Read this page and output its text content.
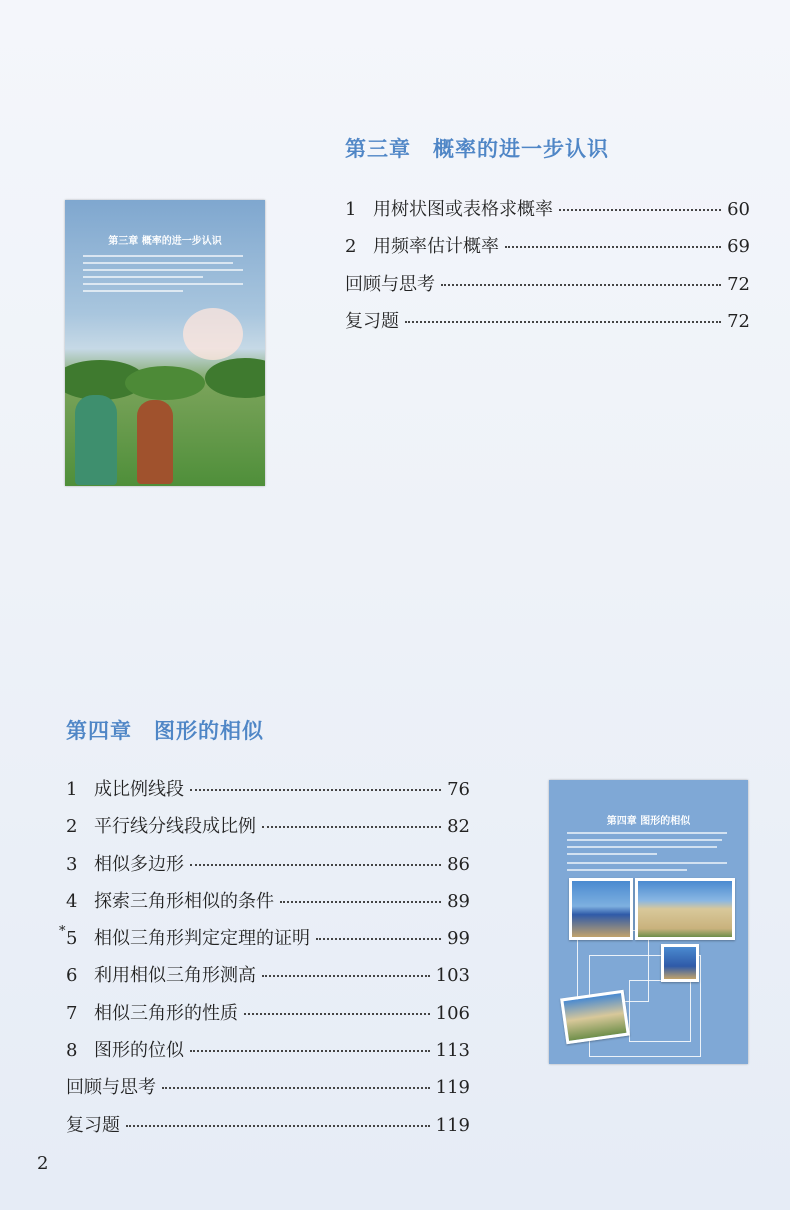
第三章 概率的进一步认识
1 用树状图或表格求概率	60
2 用频率估计概率	69
回顾与思考	72
复习题	72
第三章 概率的进一步认识
第四章 图形的相似
1 成比例线段	76
2 平行线分线段成比例	82
3 相似多边形	86
4 探索三角形相似的条件	89
* 5 相似三角形判定定理的证明	99
6 利用相似三角形测高	103
7 相似三角形的性质	106
8 图形的位似	113
回顾与思考	119
复习题	119
第四章 图形的相似
2
